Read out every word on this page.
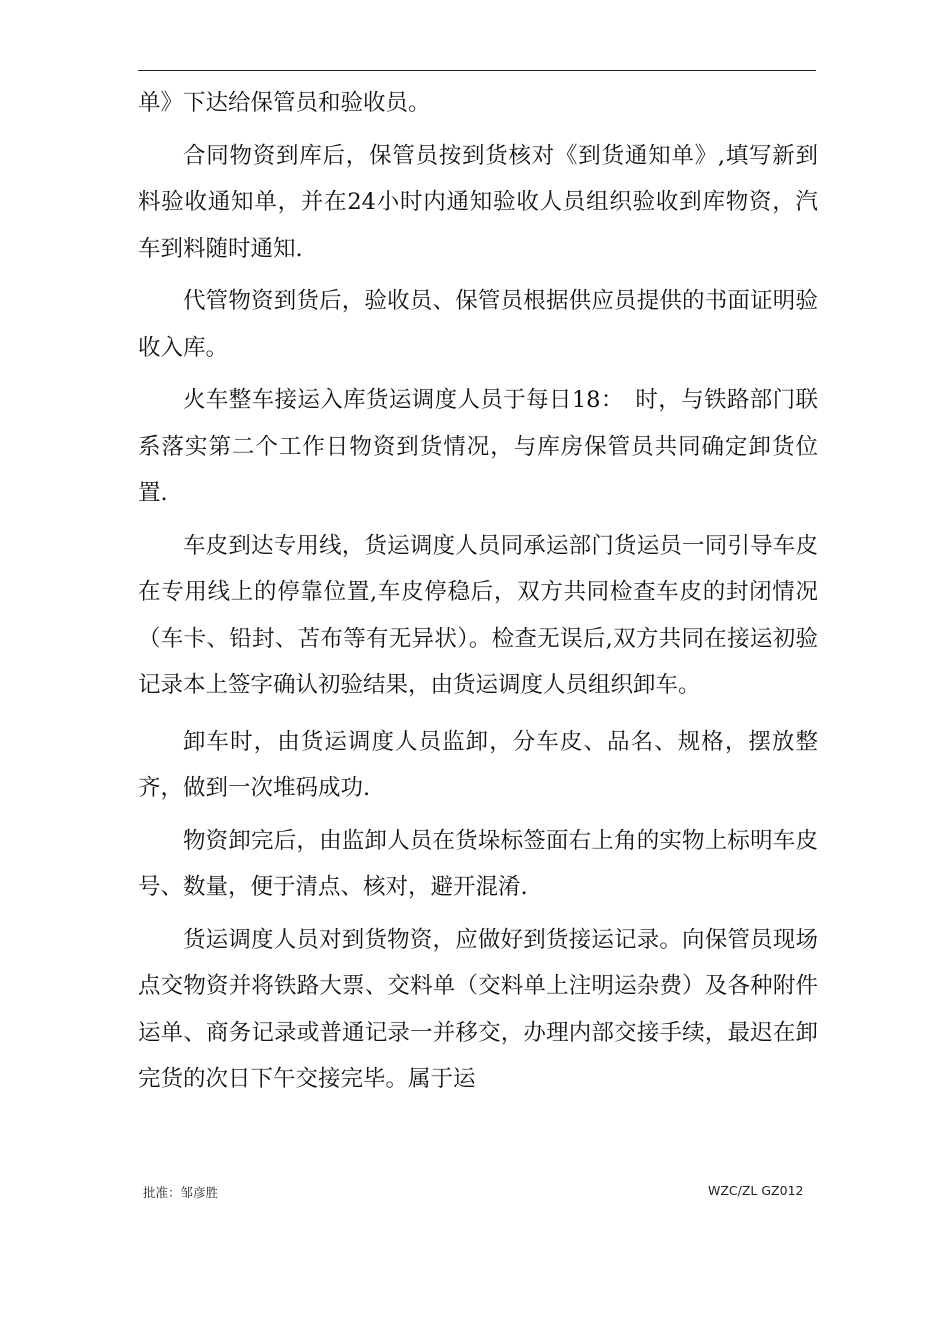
单》下达给保管员和验收员。

合同物资到库后，保管员按到货核对《到货通知单》,填写新到料验收通知单，并在24小时内通知验收人员组织验收到库物资，汽车到料随时通知.

代管物资到货后，验收员、保管员根据供应员提供的书面证明验收入库。

火车整车接运入库货运调度人员于每日18：　时，与铁路部门联系落实第二个工作日物资到货情况，与库房保管员共同确定卸货位置.

车皮到达专用线，货运调度人员同承运部门货运员一同引导车皮在专用线上的停靠位置,车皮停稳后，双方共同检查车皮的封闭情况（车卡、铅封、苫布等有无异状）。检查无误后,双方共同在接运初验记录本上签字确认初验结果，由货运调度人员组织卸车。

卸车时，由货运调度人员监卸，分车皮、品名、规格，摆放整齐，做到一次堆码成功.

物资卸完后，由监卸人员在货垛标签面右上角的实物上标明车皮号、数量，便于清点、核对，避开混淆.

货运调度人员对到货物资，应做好到货接运记录。向保管员现场点交物资并将铁路大票、交料单（交料单上注明运杂费）及各种附件运单、商务记录或普通记录一并移交，办理内部交接手续，最迟在卸完货的次日下午交接完毕。属于运

批准：邹彦胜	WZC/ZL GZ012
